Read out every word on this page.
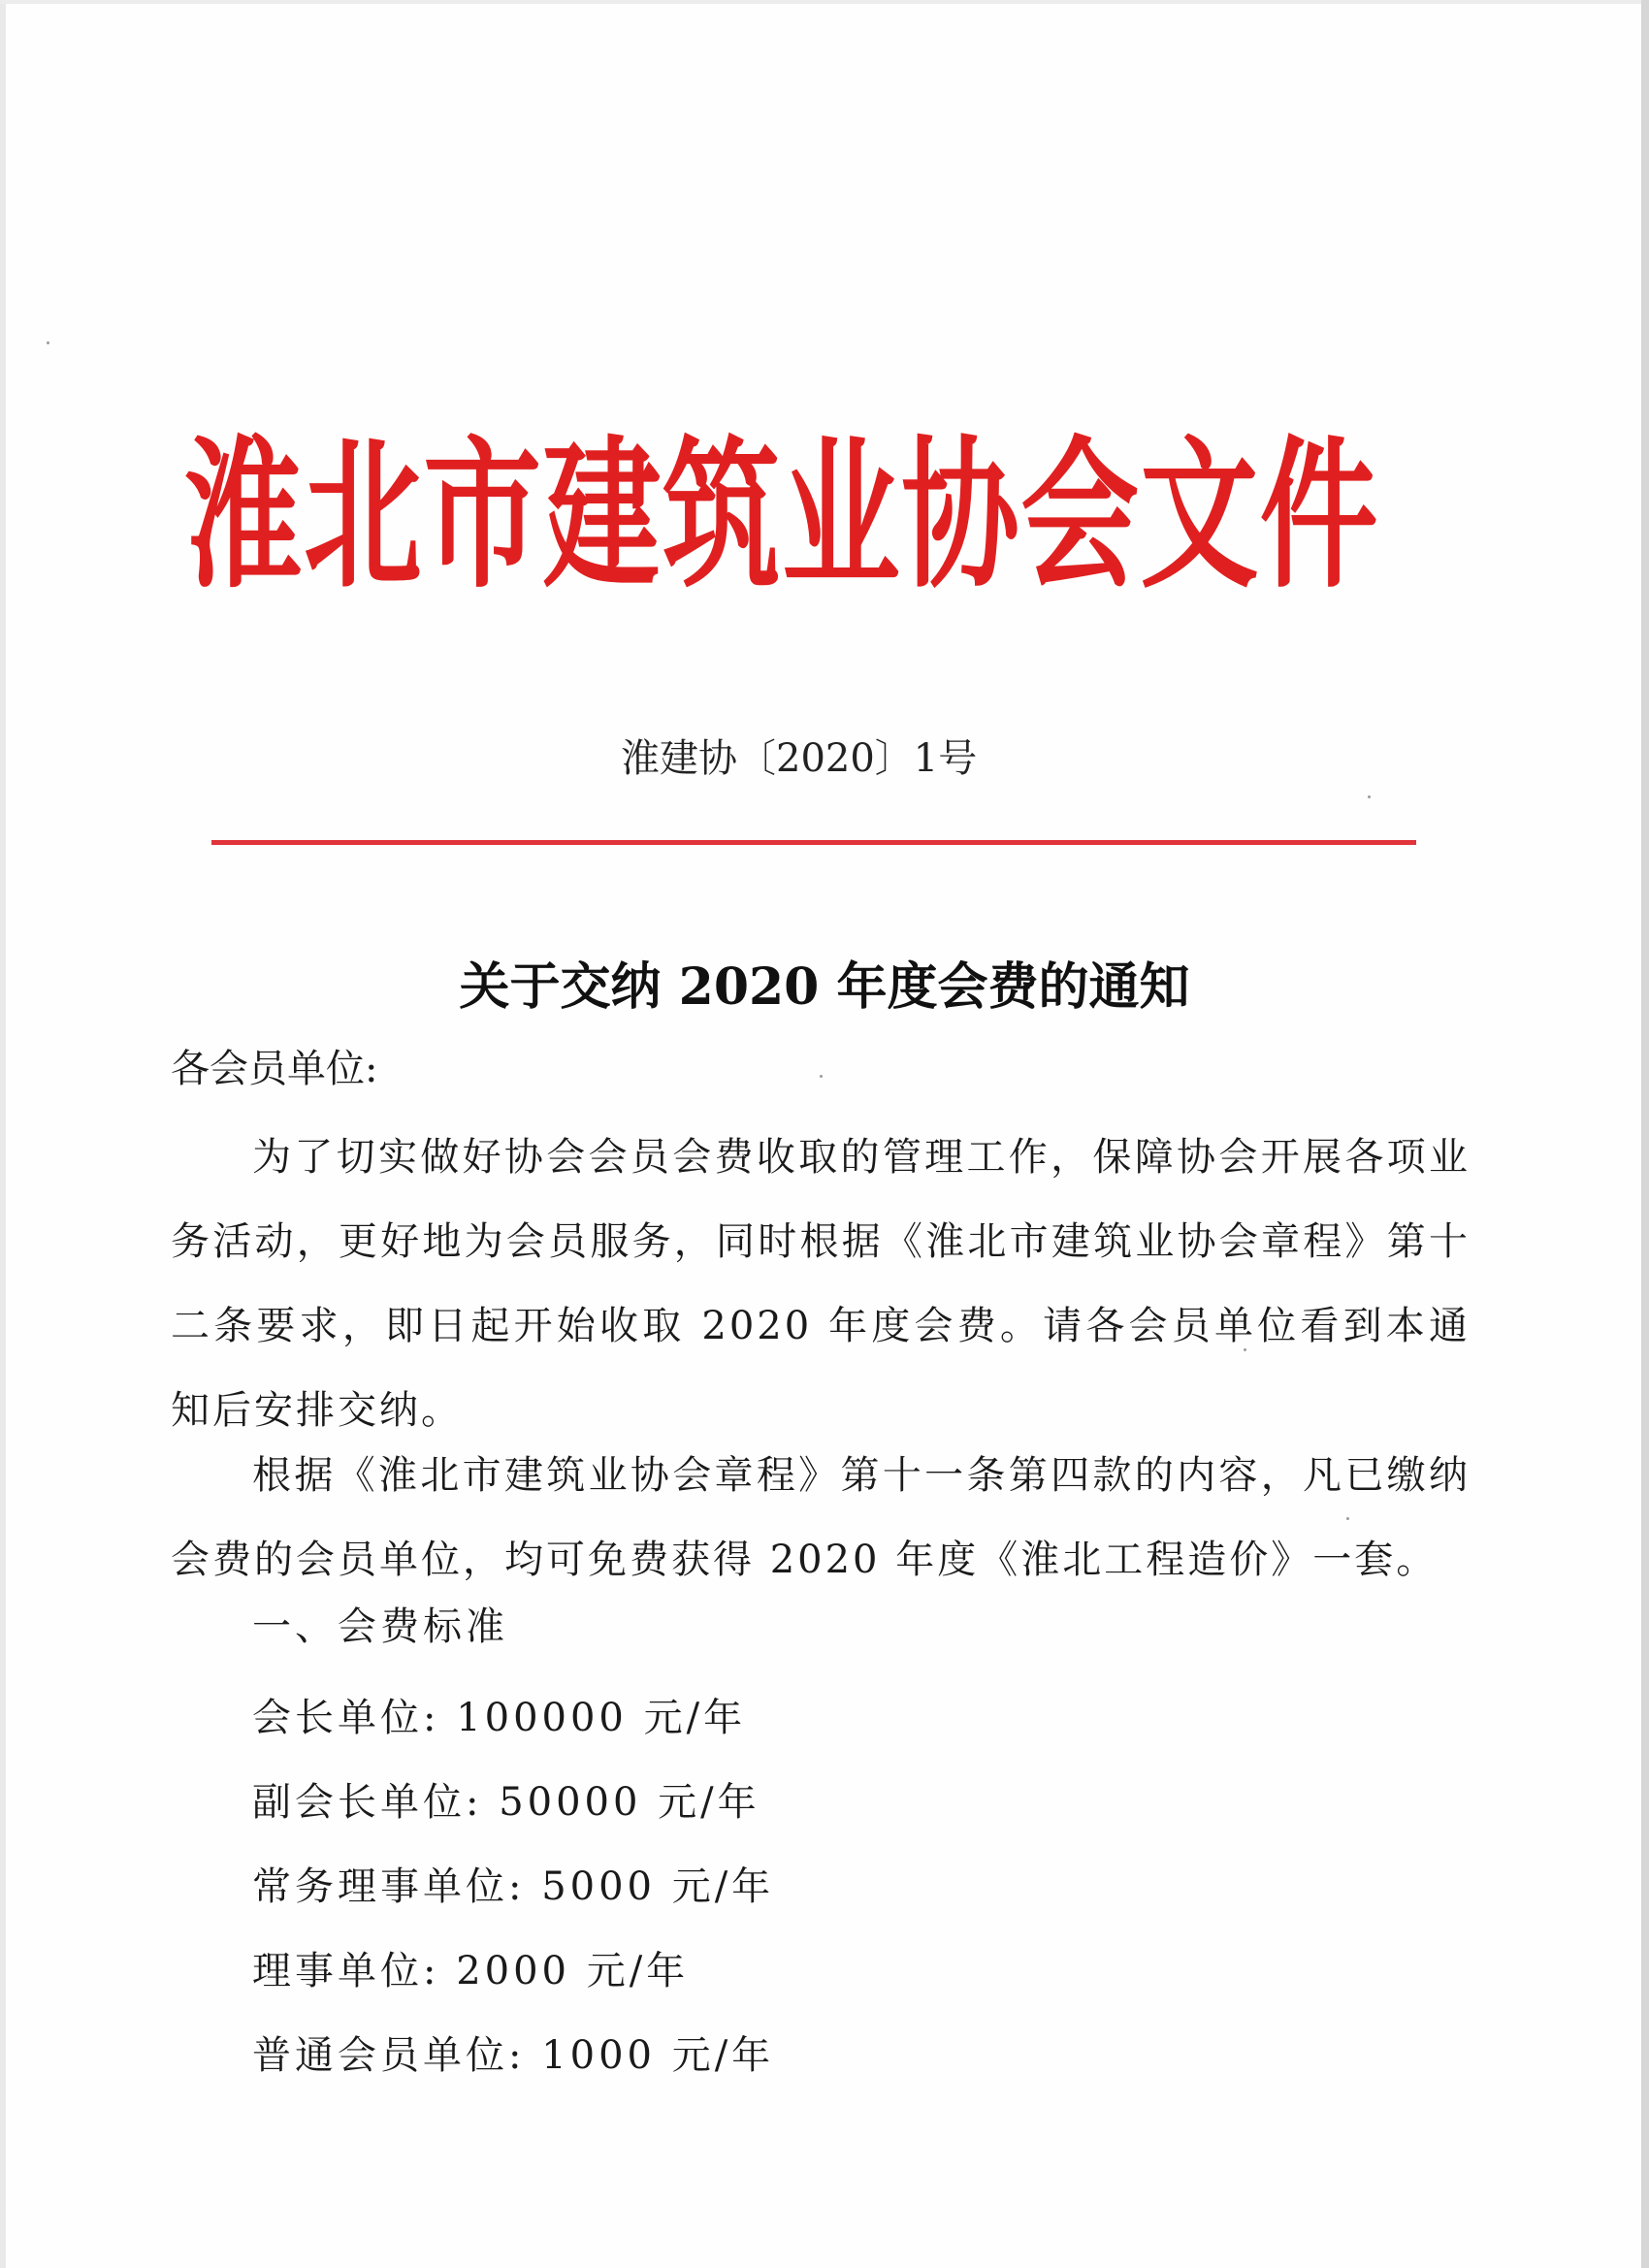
淮北市建筑业协会文件
淮建协〔2020〕1号
关于交纳 2020 年度会费的通知
各会员单位:
为了切实做好协会会员会费收取的管理工作，保障协会开展各项业务活动，更好地为会员服务，同时根据《淮北市建筑业协会章程》第十二条要求，即日起开始收取 2020 年度会费。请各会员单位看到本通知后安排交纳。
根据《淮北市建筑业协会章程》第十一条第四款的内容，凡已缴纳会费的会员单位，均可免费获得 2020 年度《淮北工程造价》一套。
一、会费标准
会长单位: 100000 元/年
副会长单位: 50000 元/年
常务理事单位: 5000 元/年
理事单位: 2000 元/年
普通会员单位: 1000 元/年
